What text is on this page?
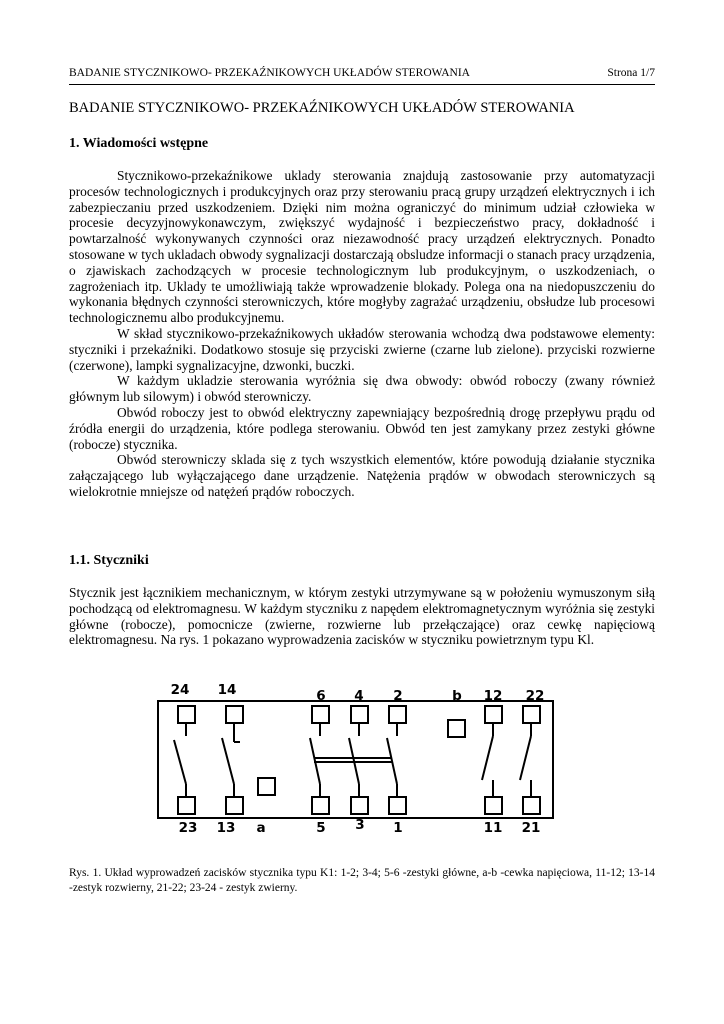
BADANIE STYCZNIKOWO- PRZEKAŹNIKOWYCH UKŁADÓW STEROWANIA	Strona 1/7
BADANIE STYCZNIKOWO- PRZEKAŹNIKOWYCH UKŁADÓW STEROWANIA
1. Wiadomości wstępne

Stycznikowo-przekaźnikowe uklady sterowania znajdują zastosowanie przy automatyzacji procesów technologicznych i produkcyjnych oraz przy sterowaniu pracą grupy urządzeń elektrycznych i ich zabezpieczaniu przed uszkodzeniem. Dzięki nim można ograniczyć do minimum udział człowieka w procesie decyzyjnowykonawczym, zwiększyć wydajność i bezpieczeństwo pracy, dokładność i powtarzalność wykonywanych czynności oraz niezawodność pracy urządzeń elektrycznych. Ponadto stosowane w tych ukladach obwody sygnalizacji dostarczają obsludze informacji o stanach pracy urządzenia, o zjawiskach zachodzących w procesie technologicznym lub produkcyjnym, o uszkodzeniach, o zagrożeniach itp. Uklady te umożliwiają także wprowadzenie blokady. Polega ona na niedopuszczeniu do wykonania błędnych czynności sterowniczych, które mogłyby zagrażać urządzeniu, obsłudze lub procesowi technologicznemu albo produkcyjnemu.

W skład stycznikowo-przekaźnikowych układów sterowania wchodzą dwa podstawowe elementy: styczniki i przekaźniki. Dodatkowo stosuje się przyciski zwierne (czarne lub zielone). przyciski rozwierne (czerwone), lampki sygnalizacyjne, dzwonki, buczki.

W każdym ukladzie sterowania wyróżnia się dwa obwody: obwód roboczy (zwany również głównym lub silowym) i obwód sterowniczy.

Obwód roboczy jest to obwód elektryczny zapewniający bezpośrednią drogę przepływu prądu od źródła energii do urządzenia, które podlega sterowaniu. Obwód ten jest zamykany przez zestyki główne (robocze) stycznika.

Obwód sterowniczy sklada się z tych wszystkich elementów, które powodują działanie stycznika załączającego lub wyłączającego dane urządzenie. Natężenia prądów w obwodach sterowniczych są wielokrotnie mniejsze od natężeń prądów roboczych.

1.1. Styczniki

Stycznik jest łącznikiem mechanicznym, w którym zestyki utrzymywane są w położeniu wymuszonym siłą pochodzącą od elektromagnesu. W każdym styczniku z napędem elektromagnetycznym wyróżnia się zestyki główne (robocze), pomocnicze (zwierne, rozwierne lub przełączające) oraz cewkę napięciową elektromagnesu. Na rys. 1 pokazano wyprowadzenia zacisków w styczniku powietrznym typu Kl.

24 14	6 4 2	b 12 22
23 13 a	5 3 1	11 21
Rys. 1. Układ wyprowadzeń zacisków stycznika typu K1: 1-2; 3-4; 5-6 -zestyki główne, a-b -cewka napięciowa, 11-12; 13-14 -zestyk rozwierny, 21-22; 23-24 - zestyk zwierny.
